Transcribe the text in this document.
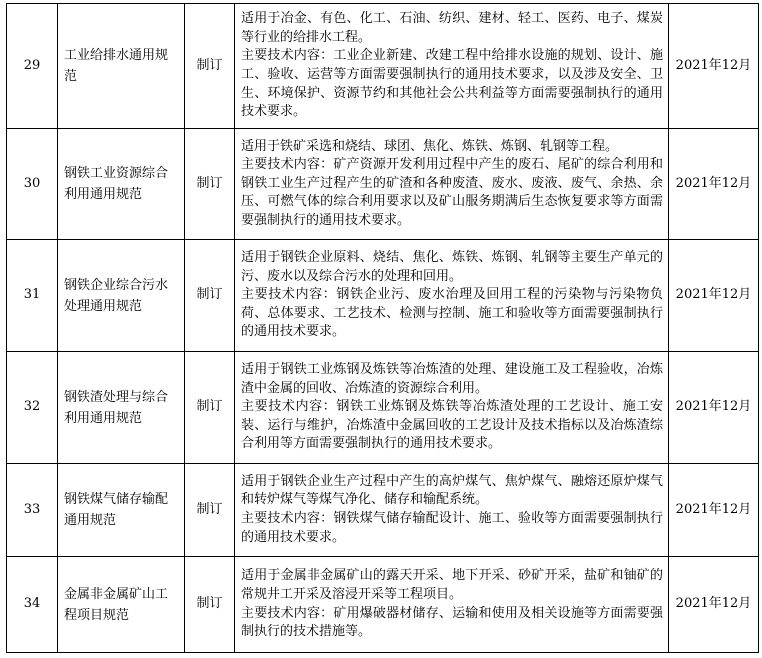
29	工业给排水通用规范	制订	适用于冶金、有色、化工、石油、纺织、建材、轻工、医药、电子、煤炭等行业的给排水工程。
主要技术内容：工业企业新建、改建工程中给排水设施的规划、设计、施工、验收、运营等方面需要强制执行的通用技术要求，以及涉及安全、卫生、环境保护、资源节约和其他社会公共利益等方面需要强制执行的通用技术要求。	2021年12月
30	钢铁工业资源综合利用通用规范	制订	适用于铁矿采选和烧结、球团、焦化、炼铁、炼钢、轧钢等工程。
主要技术内容：矿产资源开发利用过程中产生的废石、尾矿的综合利用和钢铁工业生产过程产生的矿渣和各种废渣、废水、废液、废气、余热、余压、可燃气体的综合利用要求以及矿山服务期满后生态恢复要求等方面需要强制执行的通用技术要求。	2021年12月
31	钢铁企业综合污水处理通用规范	制订	适用于钢铁企业原料、烧结、焦化、炼铁、炼钢、轧钢等主要生产单元的污、废水以及综合污水的处理和回用。
主要技术内容：钢铁企业污、废水治理及回用工程的污染物与污染物负荷、总体要求、工艺技术、检测与控制、施工和验收等方面需要强制执行的通用技术要求。	2021年12月
32	钢铁渣处理与综合利用通用规范	制订	适用于钢铁工业炼钢及炼铁等冶炼渣的处理、建设施工及工程验收，冶炼渣中金属的回收、冶炼渣的资源综合利用。
主要技术内容：钢铁工业炼钢及炼铁等冶炼渣处理的工艺设计、施工安装、运行与维护，冶炼渣中金属回收的工艺设计及技术指标以及冶炼渣综合利用等方面需要强制执行的通用技术要求。	2021年12月
33	钢铁煤气储存输配通用规范	制订	适用于钢铁企业生产过程中产生的高炉煤气、焦炉煤气、融熔还原炉煤气和转炉煤气等煤气净化、储存和输配系统。
主要技术内容：钢铁煤气储存输配设计、施工、验收等方面需要强制执行的通用技术要求。	2021年12月
34	金属非金属矿山工程项目规范	制订	适用于金属非金属矿山的露天开采、地下开采、砂矿开采，盐矿和铀矿的常规井工开采及溶浸开采等工程项目。
主要技术内容：矿用爆破器材储存、运输和使用及相关设施等方面需要强制执行的技术措施等。	2021年12月
